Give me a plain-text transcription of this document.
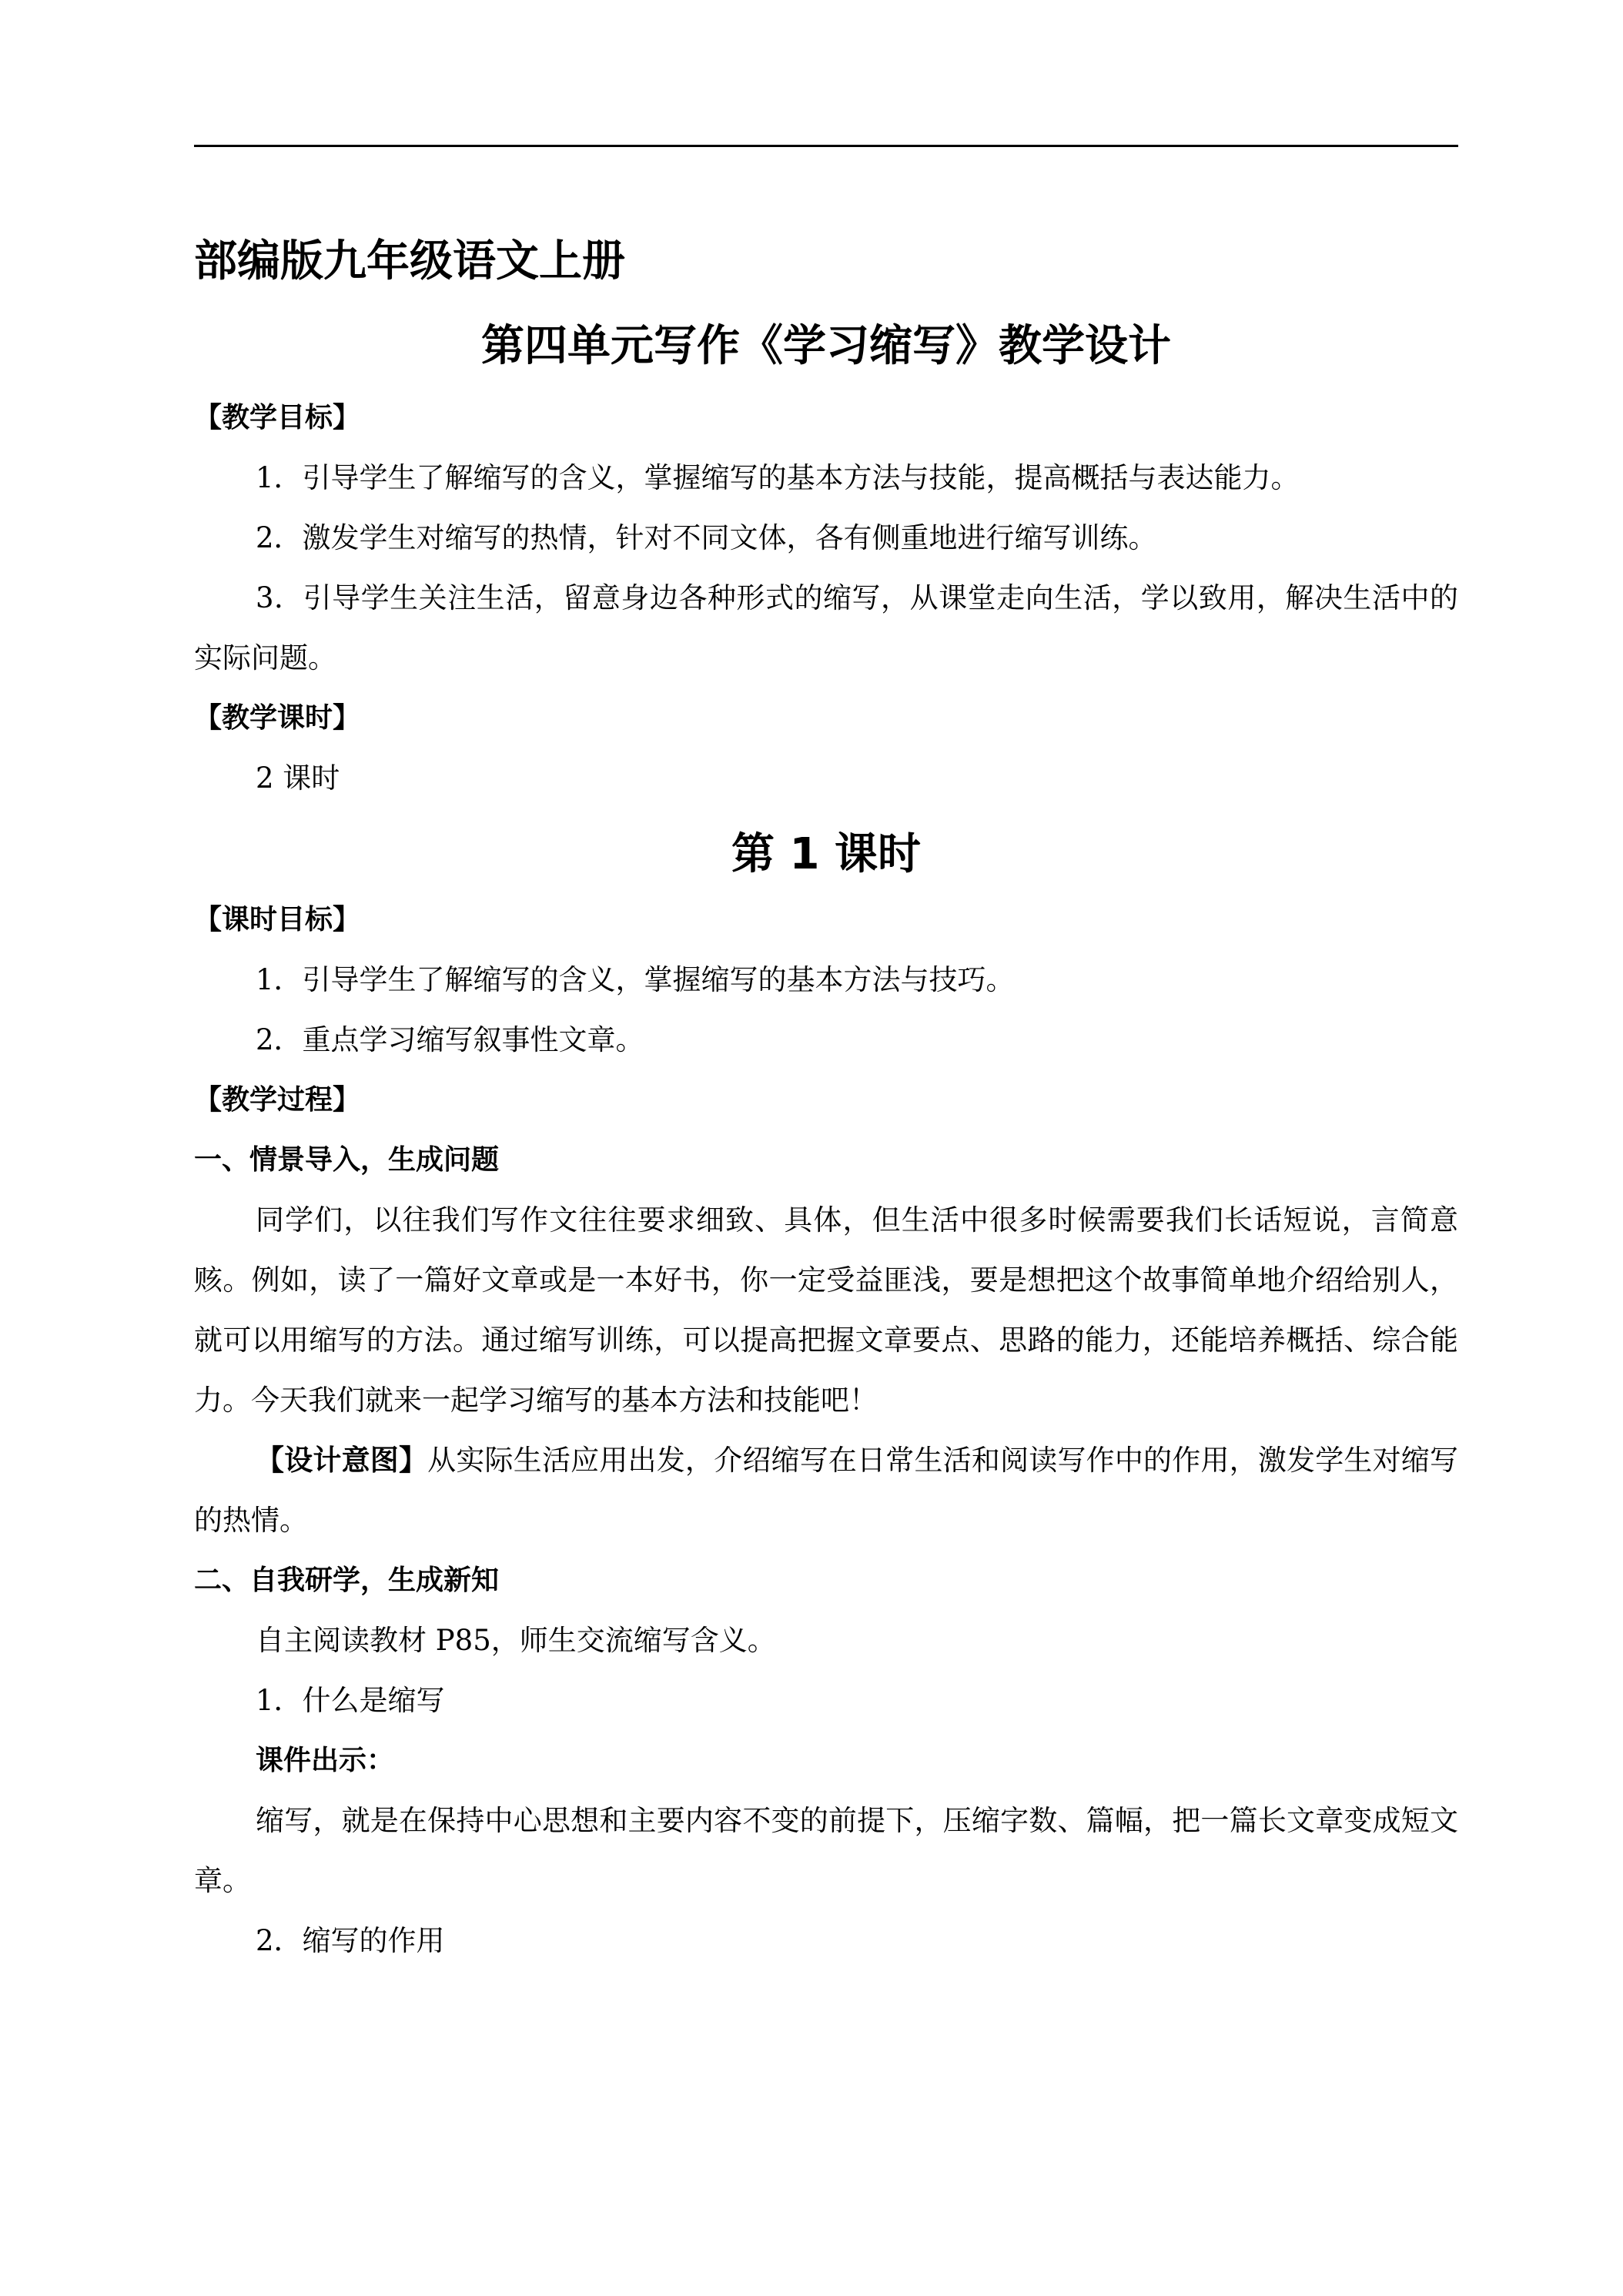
部编版九年级语文上册
第四单元写作《学习缩写》教学设计

【教学目标】

1．引导学生了解缩写的含义，掌握缩写的基本方法与技能，提高概括与表达能力。

2．激发学生对缩写的热情，针对不同文体，各有侧重地进行缩写训练。

3．引导学生关注生活，留意身边各种形式的缩写，从课堂走向生活，学以致用，解决生活中的实际问题。

【教学课时】

2 课时

第 1 课时

【课时目标】

1．引导学生了解缩写的含义，掌握缩写的基本方法与技巧。

2．重点学习缩写叙事性文章。

【教学过程】

一、情景导入，生成问题

同学们，以往我们写作文往往要求细致、具体，但生活中很多时候需要我们长话短说，言简意赅。例如，读了一篇好文章或是一本好书，你一定受益匪浅，要是想把这个故事简单地介绍给别人，就可以用缩写的方法。通过缩写训练，可以提高把握文章要点、思路的能力，还能培养概括、综合能力。今天我们就来一起学习缩写的基本方法和技能吧！

【设计意图】从实际生活应用出发，介绍缩写在日常生活和阅读写作中的作用，激发学生对缩写的热情。

二、自我研学，生成新知

自主阅读教材 P85，师生交流缩写含义。

1．什么是缩写

课件出示：

缩写，就是在保持中心思想和主要内容不变的前提下，压缩字数、篇幅，把一篇长文章变成短文章。

2．缩写的作用
